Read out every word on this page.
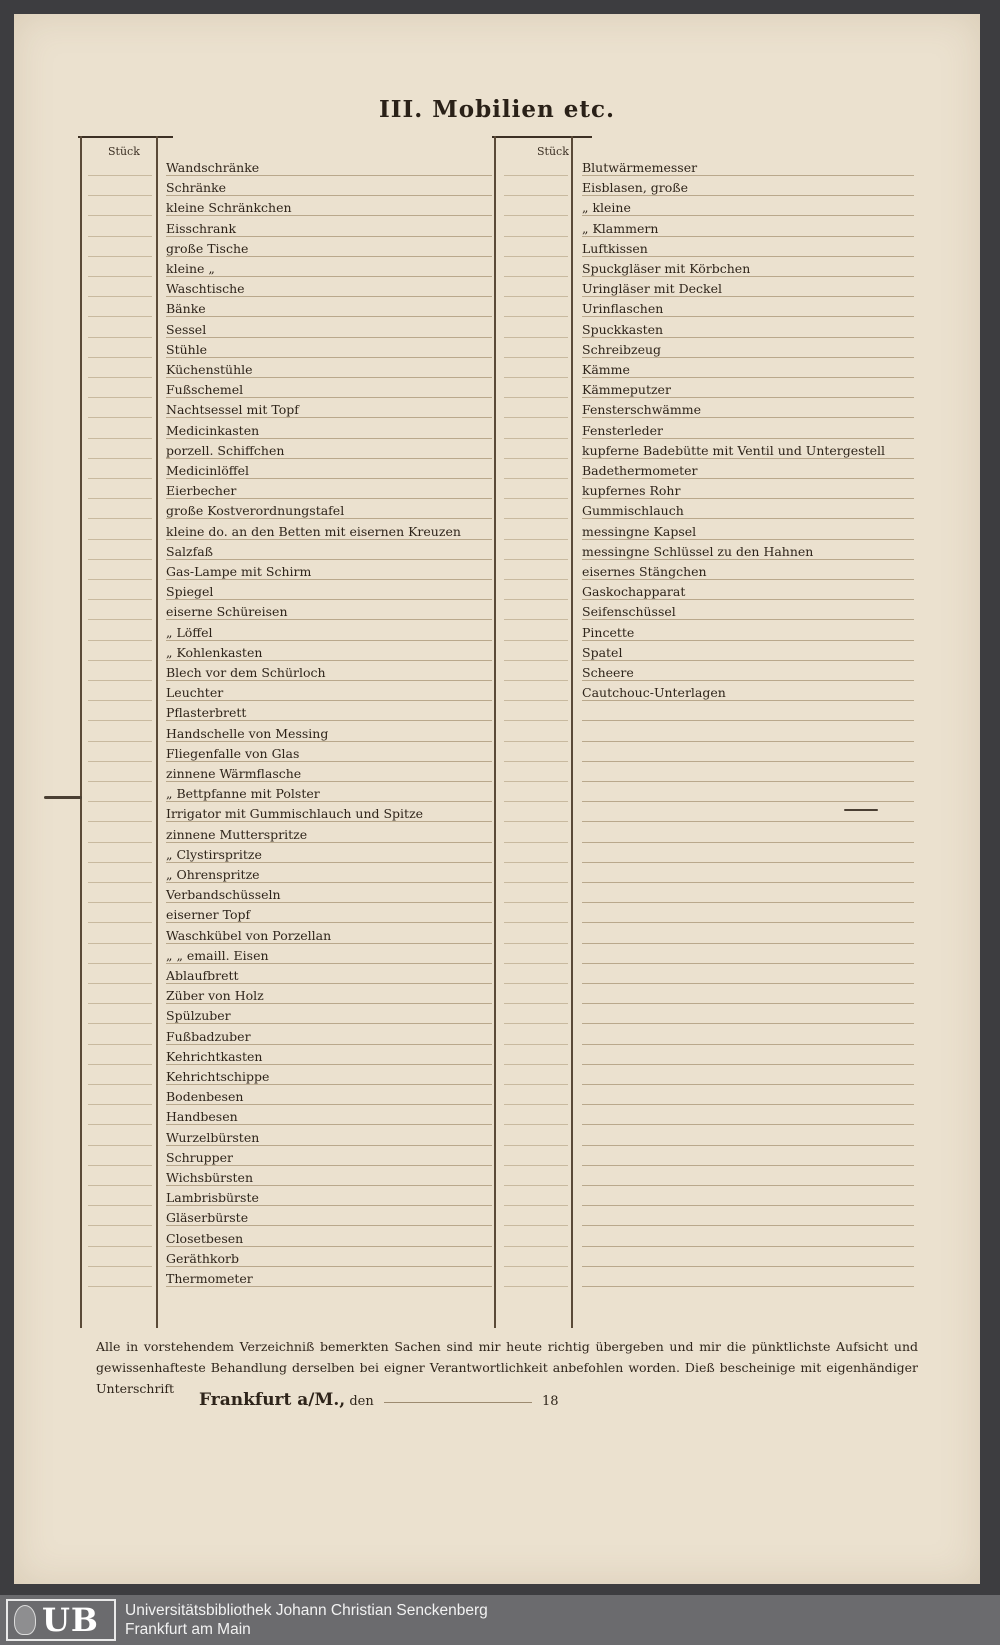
III. Mobilien etc.
Stück
Wandschränke
Schränke
kleine Schränkchen
Eisschrank
große Tische
kleine „
Waschtische
Bänke
Sessel
Stühle
Küchenstühle
Fußschemel
Nachtsessel mit Topf
Medicinkasten
porzell. Schiffchen
Medicinlöffel
Eierbecher
große Kostverordnungstafel
kleine do. an den Betten mit eisernen Kreuzen
Salzfaß
Gas-Lampe mit Schirm
Spiegel
eiserne Schüreisen
„ Löffel
„ Kohlenkasten
Blech vor dem Schürloch
Leuchter
Pflasterbrett
Handschelle von Messing
Fliegenfalle von Glas
zinnene Wärmflasche
„ Bettpfanne mit Polster
Irrigator mit Gummischlauch und Spitze
zinnene Mutterspritze
„ Clystirspritze
„ Ohrenspritze
Verbandschüsseln
eiserner Topf
Waschkübel von Porzellan
„ „ emaill. Eisen
Ablaufbrett
Züber von Holz
Spülzuber
Fußbadzuber
Kehrichtkasten
Kehrichtschippe
Bodenbesen
Handbesen
Wurzelbürsten
Schrupper
Wichsbürsten
Lambrisbürste
Gläserbürste
Closetbesen
Geräthkorb
Thermometer
Stück
Blutwärmemesser
Eisblasen, große
„ kleine
„ Klammern
Luftkissen
Spuckgläser mit Körbchen
Uringläser mit Deckel
Urinflaschen
Spuckkasten
Schreibzeug
Kämme
Kämmeputzer
Fensterschwämme
Fensterleder
kupferne Badebütte mit Ventil und Untergestell
Badethermometer
kupfernes Rohr
Gummischlauch
messingne Kapsel
messingne Schlüssel zu den Hahnen
eisernes Stängchen
Gaskochapparat
Seifenschüssel
Pincette
Spatel
Scheere
Cautchouc-Unterlagen
Alle in vorstehendem Verzeichniß bemerkten Sachen sind mir heute richtig übergeben und mir die pünktlichste Aufsicht und gewissenhafteste Behandlung derselben bei eigner Verantwortlichkeit anbefohlen worden. Dieß bescheinige mit eigenhändiger Unterschrift
Frankfurt a/M., den	18
UB Universitätsbibliothek Johann Christian Senckenberg
Frankfurt am Main
